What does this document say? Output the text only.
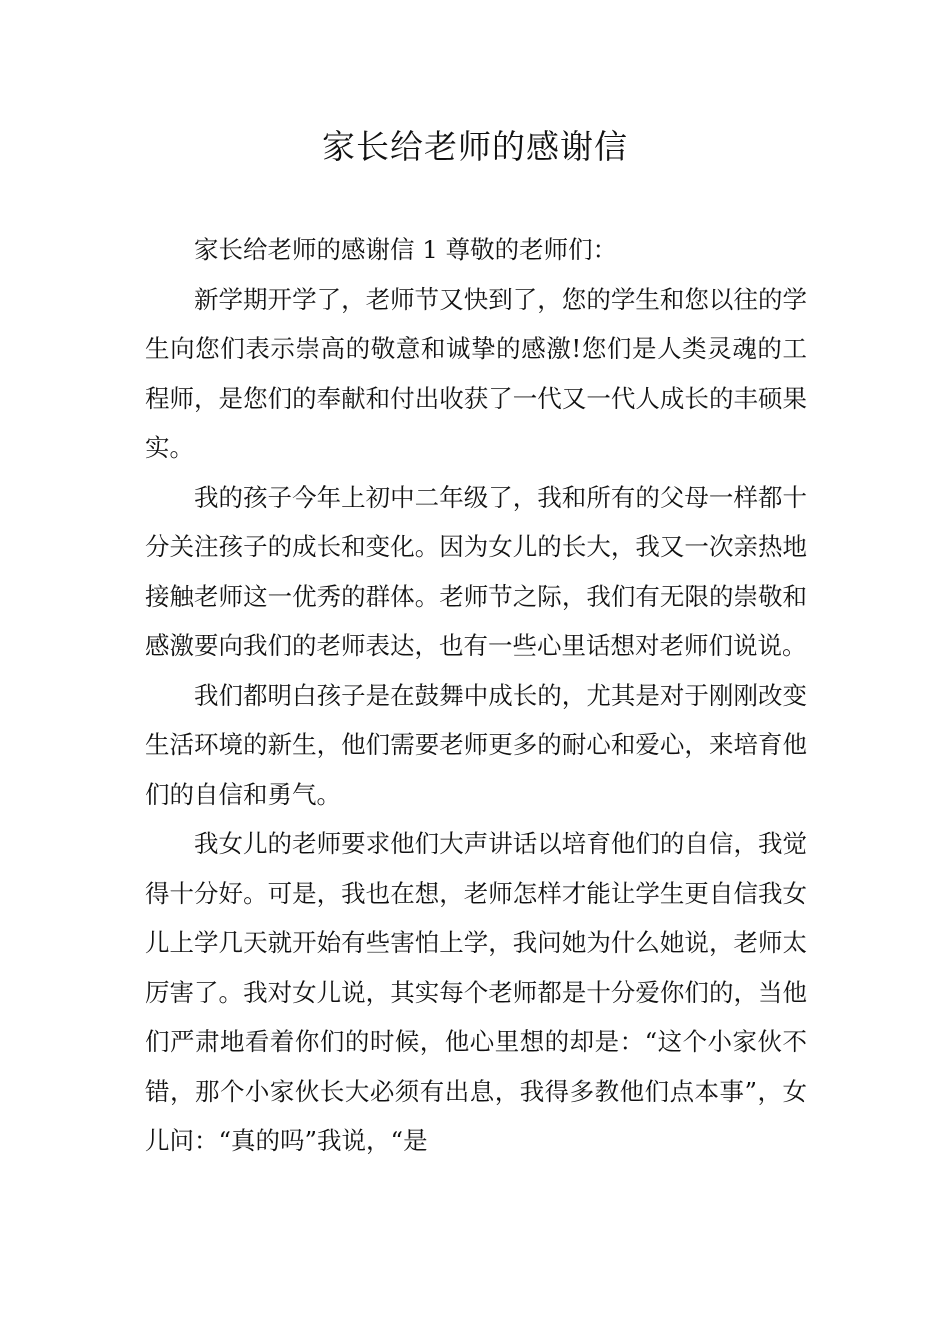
家长给老师的感谢信

家长给老师的感谢信 1 尊敬的老师们：

新学期开学了，老师节又快到了，您的学生和您以往的学生向您们表示崇高的敬意和诚挚的感激!您们是人类灵魂的工程师，是您们的奉献和付出收获了一代又一代人成长的丰硕果实。

我的孩子今年上初中二年级了，我和所有的父母一样都十分关注孩子的成长和变化。因为女儿的长大，我又一次亲热地接触老师这一优秀的群体。老师节之际，我们有无限的崇敬和感激要向我们的老师表达，也有一些心里话想对老师们说说。

我们都明白孩子是在鼓舞中成长的，尤其是对于刚刚改变生活环境的新生，他们需要老师更多的耐心和爱心，来培育他们的自信和勇气。

我女儿的老师要求他们大声讲话以培育他们的自信，我觉得十分好。可是，我也在想，老师怎样才能让学生更自信我女儿上学几天就开始有些害怕上学，我问她为什么她说，老师太厉害了。我对女儿说，其实每个老师都是十分爱你们的，当他们严肃地看着你们的时候，他心里想的却是：“这个小家伙不错，那个小家伙长大必须有出息，我得多教他们点本事”，女儿问：“真的吗”我说，“是
